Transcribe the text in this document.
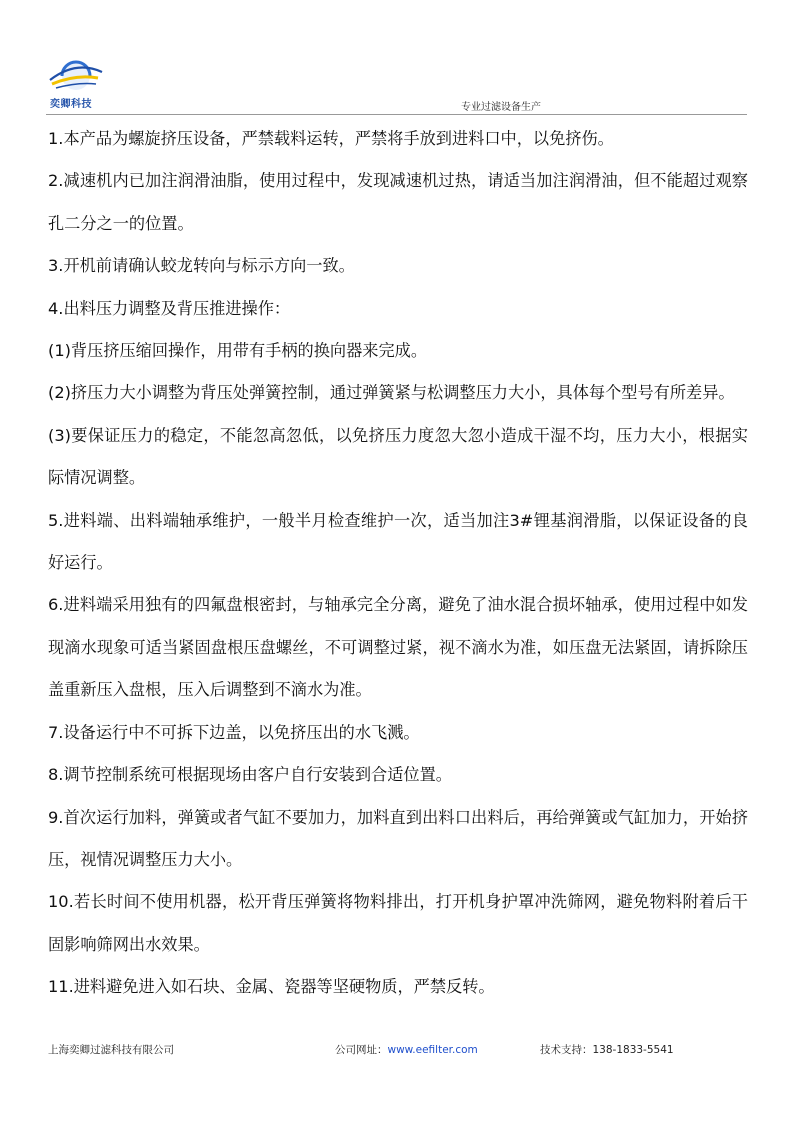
奕卿科技	专业过滤设备生产

1.本产品为螺旋挤压设备，严禁载料运转，严禁将手放到进料口中，以免挤伤。

2.减速机内已加注润滑油脂，使用过程中，发现减速机过热，请适当加注润滑油，但不能超过观察孔二分之一的位置。

3.开机前请确认蛟龙转向与标示方向一致。

4.出料压力调整及背压推进操作：

(1)背压挤压缩回操作，用带有手柄的换向器来完成。

(2)挤压力大小调整为背压处弹簧控制，通过弹簧紧与松调整压力大小，具体每个型号有所差异。

(3)要保证压力的稳定，不能忽高忽低，以免挤压力度忽大忽小造成干湿不均，压力大小，根据实际情况调整。

5.进料端、出料端轴承维护，一般半月检查维护一次，适当加注3#锂基润滑脂，以保证设备的良好运行。

6.进料端采用独有的四氟盘根密封，与轴承完全分离，避免了油水混合损坏轴承，使用过程中如发现滴水现象可适当紧固盘根压盘螺丝，不可调整过紧，视不滴水为准，如压盘无法紧固，请拆除压盖重新压入盘根，压入后调整到不滴水为准。

7.设备运行中不可拆下边盖，以免挤压出的水飞溅。

8.调节控制系统可根据现场由客户自行安装到合适位置。

9.首次运行加料，弹簧或者气缸不要加力，加料直到出料口出料后，再给弹簧或气缸加力，开始挤压，视情况调整压力大小。

10.若长时间不使用机器，松开背压弹簧将物料排出，打开机身护罩冲洗筛网，避免物料附着后干固影响筛网出水效果。

11.进料避免进入如石块、金属、瓷器等坚硬物质，严禁反转。

上海奕卿过滤科技有限公司	公司网址：www.eefilter.com	技术支持：138-1833-5541
